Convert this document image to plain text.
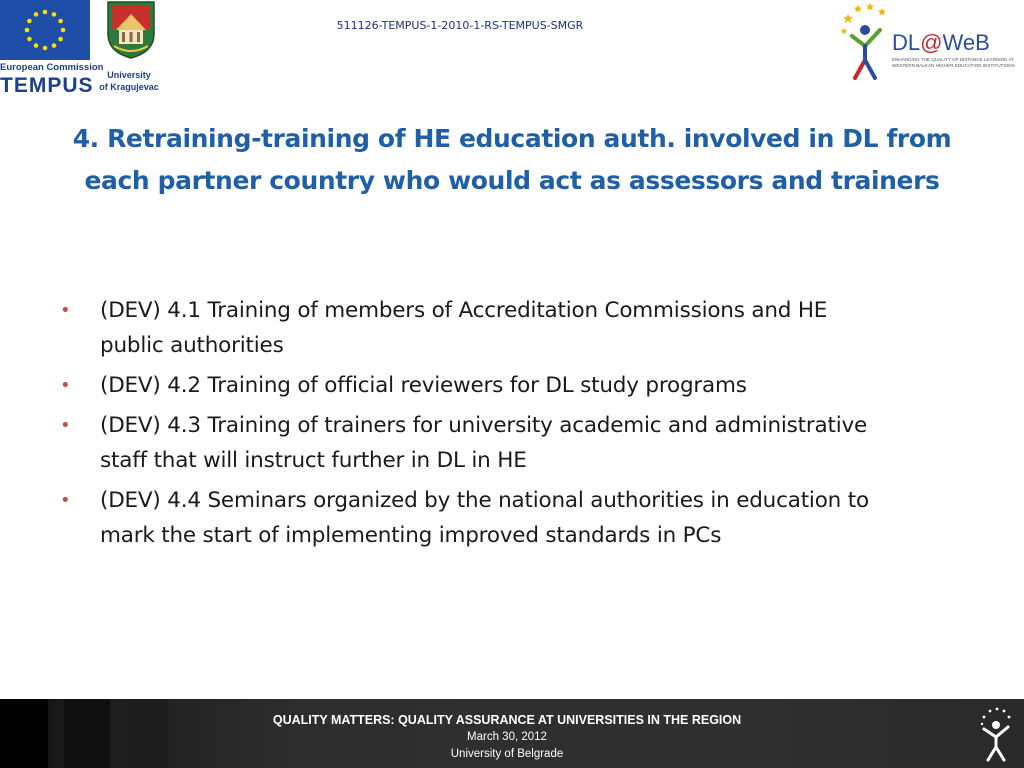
European Commission
TEMPUS	University
of Kragujevac
511126-TEMPUS-1-2010-1-RS-TEMPUS-SMGR
DL@WeB
ENHANCING THE QUALITY OF DISTANCE LEARNING AT WESTERN BALKAN HIGHER EDUCATION INSTITUTIONS
4. Retraining-training of HE education auth. involved in DL from
each partner country who would act as assessors and trainers
• (DEV) 4.1 Training of members of Accreditation Commissions and HE
public authorities
• (DEV) 4.2 Training of official reviewers for DL study programs
• (DEV) 4.3 Training of trainers for university academic and administrative
staff that will instruct further in DL in HE
• (DEV) 4.4 Seminars organized by the national authorities in education to
mark the start of implementing improved standards in PCs
QUALITY MATTERS: QUALITY ASSURANCE AT UNIVERSITIES IN THE REGION
March 30, 2012
University of Belgrade
